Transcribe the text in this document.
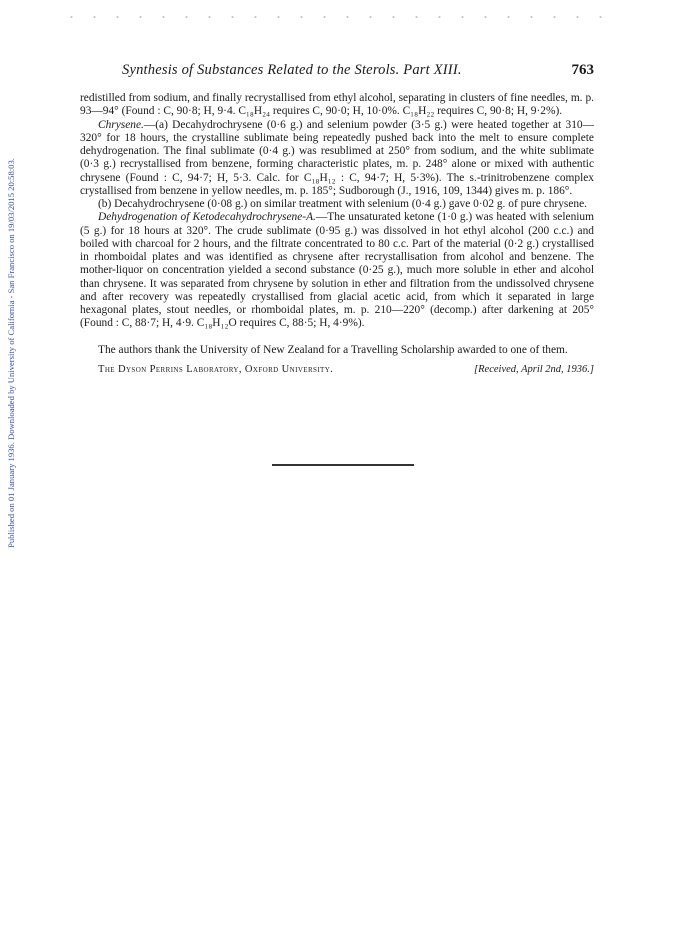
Published on 01 January 1936. Downloaded by University of California - San Francisco on 19/03/2015 20:58:03.
Synthesis of Substances Related to the Sterols. Part XIII.	763

redistilled from sodium, and finally recrystallised from ethyl alcohol, separating in clusters of fine needles, m. p. 93—94° (Found : C, 90·8; H, 9·4. C₁₈H₂₄ requires C, 90·0; H, 10·0%. C₁₈H₂₂ requires C, 90·8; H, 9·2%).

Chrysene.—(a) Decahydrochrysene (0·6 g.) and selenium powder (3·5 g.) were heated together at 310—320° for 18 hours, the crystalline sublimate being repeatedly pushed back into the melt to ensure complete dehydrogenation. The final sublimate (0·4 g.) was resublimed at 250° from sodium, and the white sublimate (0·3 g.) recrystallised from benzene, forming characteristic plates, m. p. 248° alone or mixed with authentic chrysene (Found : C, 94·7; H, 5·3. Calc. for C₁₈H₁₂ : C, 94·7; H, 5·3%). The s.-trinitrobenzene complex crystallised from benzene in yellow needles, m. p. 185°; Sudborough (J., 1916, 109, 1344) gives m. p. 186°.

(b) Decahydrochrysene (0·08 g.) on similar treatment with selenium (0·4 g.) gave 0·02 g. of pure chrysene.

Dehydrogenation of Ketodecahydrochrysene-A.—The unsaturated ketone (1·0 g.) was heated with selenium (5 g.) for 18 hours at 320°. The crude sublimate (0·95 g.) was dissolved in hot ethyl alcohol (200 c.c.) and boiled with charcoal for 2 hours, and the filtrate concentrated to 80 c.c. Part of the material (0·2 g.) crystallised in rhomboidal plates and was identified as chrysene after recrystallisation from alcohol and benzene. The mother-liquor on concentration yielded a second substance (0·25 g.), much more soluble in ether and alcohol than chrysene. It was separated from chrysene by solution in ether and filtration from the undissolved chrysene and after recovery was repeatedly crystallised from glacial acetic acid, from which it separated in large hexagonal plates, stout needles, or rhomboidal plates, m. p. 210—220° (decomp.) after darkening at 205° (Found : C, 88·7; H, 4·9. C₁₈H₁₂O requires C, 88·5; H, 4·9%).

The authors thank the University of New Zealand for a Travelling Scholarship awarded to one of them.

The Dyson Perrins Laboratory, Oxford University.	[Received, April 2nd, 1936.]
